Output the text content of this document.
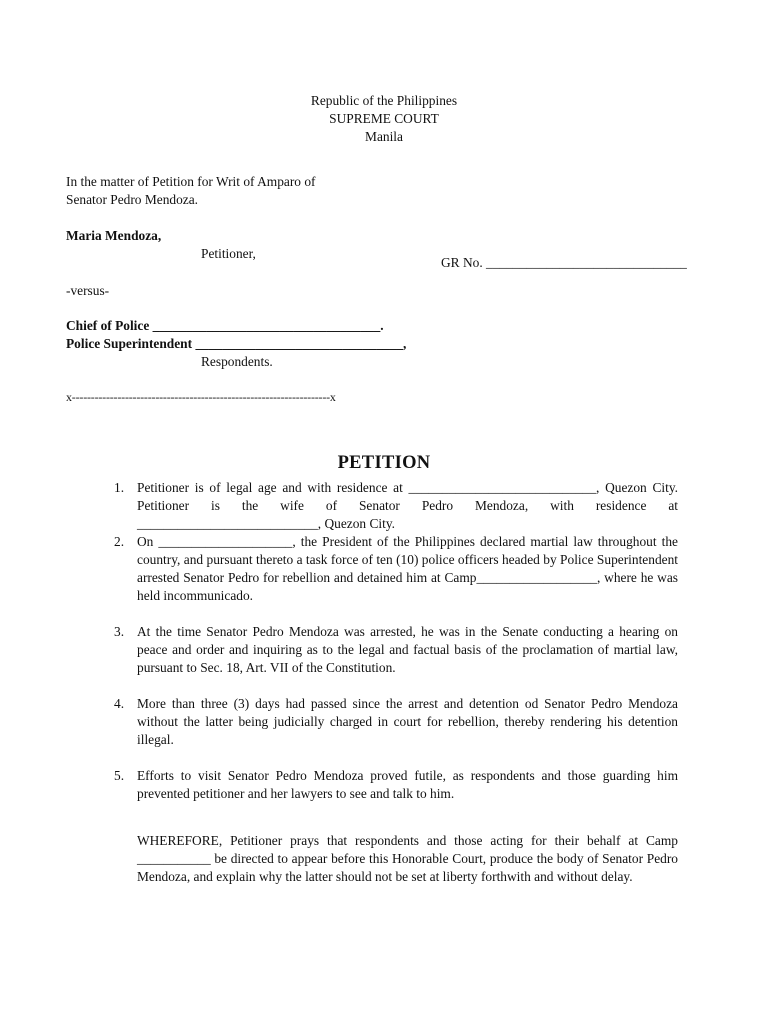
Republic of the Philippines
SUPREME COURT
Manila
In the matter of Petition for Writ of Amparo of
Senator Pedro Mendoza.
Maria Mendoza,
Petitioner,
GR No. ______________________________
-versus-
Chief of Police __________________________________.
Police Superintendent _______________________________,
Respondents.
x--------------------------------------------------------------------x
PETITION
1. Petitioner is of legal age and with residence at ____________________________, Quezon City. Petitioner is the wife of Senator Pedro Mendoza, with residence at ___________________________, Quezon City.
2. On ____________________, the President of the Philippines declared martial law throughout the country, and pursuant thereto a task force of ten (10) police officers headed by Police Superintendent arrested Senator Pedro for rebellion and detained him at Camp__________________, where he was held incommunicado.
3. At the time Senator Pedro Mendoza was arrested, he was in the Senate conducting a hearing on peace and order and inquiring as to the legal and factual basis of the proclamation of martial law, pursuant to Sec. 18, Art. VII of the Constitution.
4. More than three (3) days had passed since the arrest and detention od Senator Pedro Mendoza without the latter being judicially charged in court for rebellion, thereby rendering his detention illegal.
5. Efforts to visit Senator Pedro Mendoza proved futile, as respondents and those guarding him prevented petitioner and her lawyers to see and talk to him.
WHEREFORE, Petitioner prays that respondents and those acting for their behalf at Camp ___________ be directed to appear before this Honorable Court, produce the body of Senator Pedro Mendoza, and explain why the latter should not be set at liberty forthwith and without delay.
